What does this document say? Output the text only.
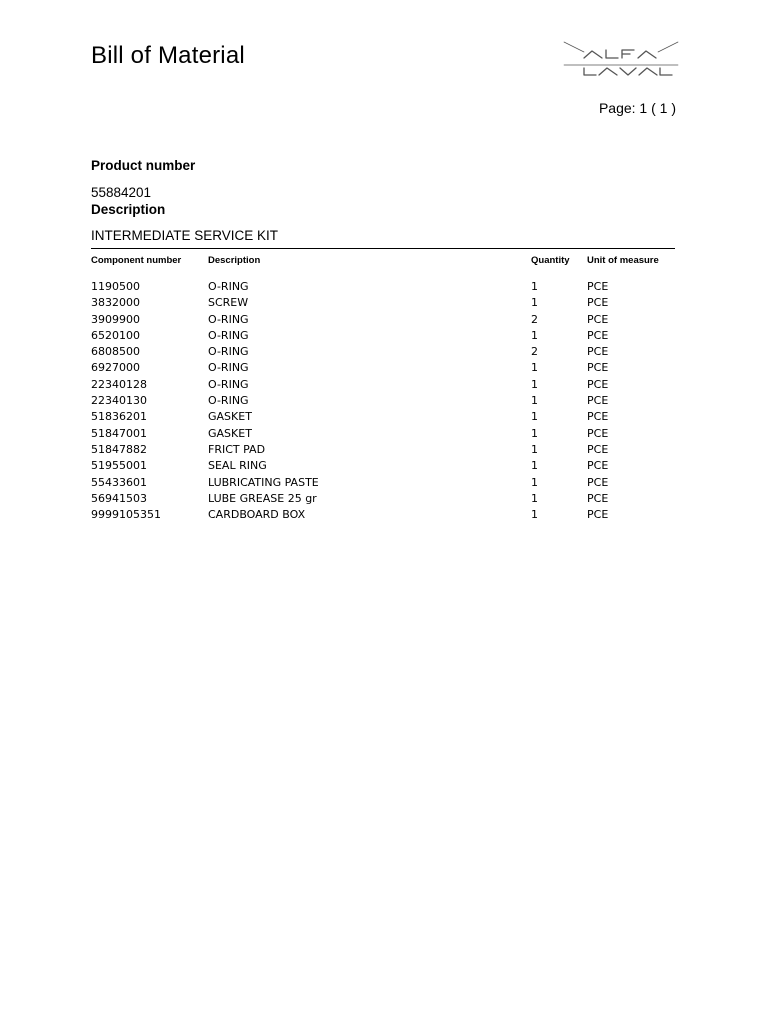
Bill of Material
Page: 1 ( 1 )
Product number
55884201
Description
INTERMEDIATE SERVICE KIT
Component number	Description	Quantity Unit of measure
1190500	O-RING	1	PCE
3832000	SCREW	1	PCE
3909900	O-RING	2	PCE
6520100	O-RING	1	PCE
6808500	O-RING	2	PCE
6927000	O-RING	1	PCE
22340128	O-RING	1	PCE
22340130	O-RING	1	PCE
51836201	GASKET	1	PCE
51847001	GASKET	1	PCE
51847882	FRICT PAD	1	PCE
51955001	SEAL RING	1	PCE
55433601	LUBRICATING PASTE	1	PCE
56941503	LUBE GREASE 25 gr	1	PCE
9999105351	CARDBOARD BOX	1	PCE
